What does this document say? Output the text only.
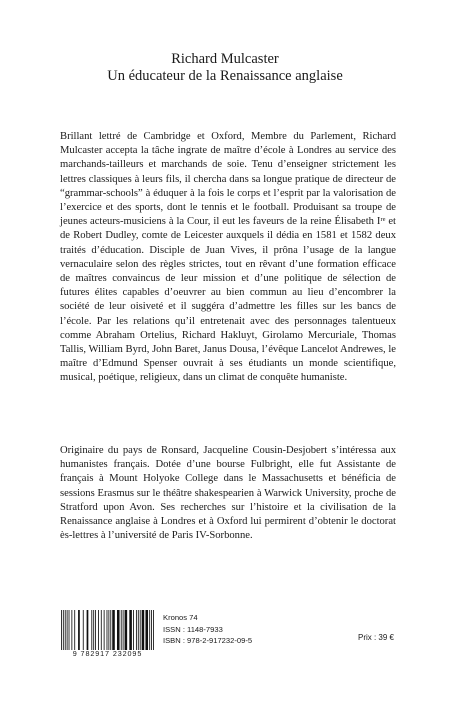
Richard Mulcaster
Un éducateur de la Renaissance anglaise

Brillant lettré de Cambridge et Oxford, Membre du Parlement, Richard Mulcaster accepta la tâche ingrate de maître d’école à Londres au service des marchands-tailleurs et marchands de soie. Tenu d’enseigner strictement les lettres classiques à leurs fils, il chercha dans sa longue pratique de directeur de “grammar-schools” à éduquer à la fois le corps et l’esprit par la valorisation de l’exercice et des sports, dont le tennis et le football. Produisant sa troupe de jeunes acteurs-musiciens à la Cour, il eut les faveurs de la reine Élisabeth Iʳᵉ et de Robert Dudley, comte de Leicester auxquels il dédia en 1581 et 1582 deux traités d’éducation. Disciple de Juan Vives, il prôna l’usage de la langue vernaculaire selon des règles strictes, tout en rêvant d’une formation efficace de maîtres convaincus de leur mission et d’une politique de sélection de futures élites capables d’oeuvrer au bien commun au lieu d’encombrer la société de leur oisiveté et il suggéra d’admettre les filles sur les bancs de l’école. Par les relations qu’il entretenait avec des personnages talentueux comme Abraham Ortelius, Richard Hakluyt, Girolamo Mercuriale, Thomas Tallis, William Byrd, John Baret, Janus Dousa, l’évêque Lancelot Andrewes, le maître d’Edmund Spenser ouvrait à ses étudiants un monde scientifique, musical, poétique, religieux, dans un climat de conquête humaniste.

Originaire du pays de Ronsard, Jacqueline Cousin-Desjobert s’intéressa aux humanistes français. Dotée d’une bourse Fulbright, elle fut Assistante de français à Mount Holyoke College dans le Massachusetts et bénéficia de sessions Erasmus sur le théâtre shakespearien à Warwick University, proche de Stratford upon Avon. Ses recherches sur l’histoire et la civilisation de la Renaissance anglaise à Londres et à Oxford lui permirent d’obtenir le doctorat ès-lettres à l’université de Paris IV-Sorbonne.

9 782917 232095
Kronos 74
ISSN : 1148-7933
ISBN : 978-2-917232-09-5	Prix : 39 €
